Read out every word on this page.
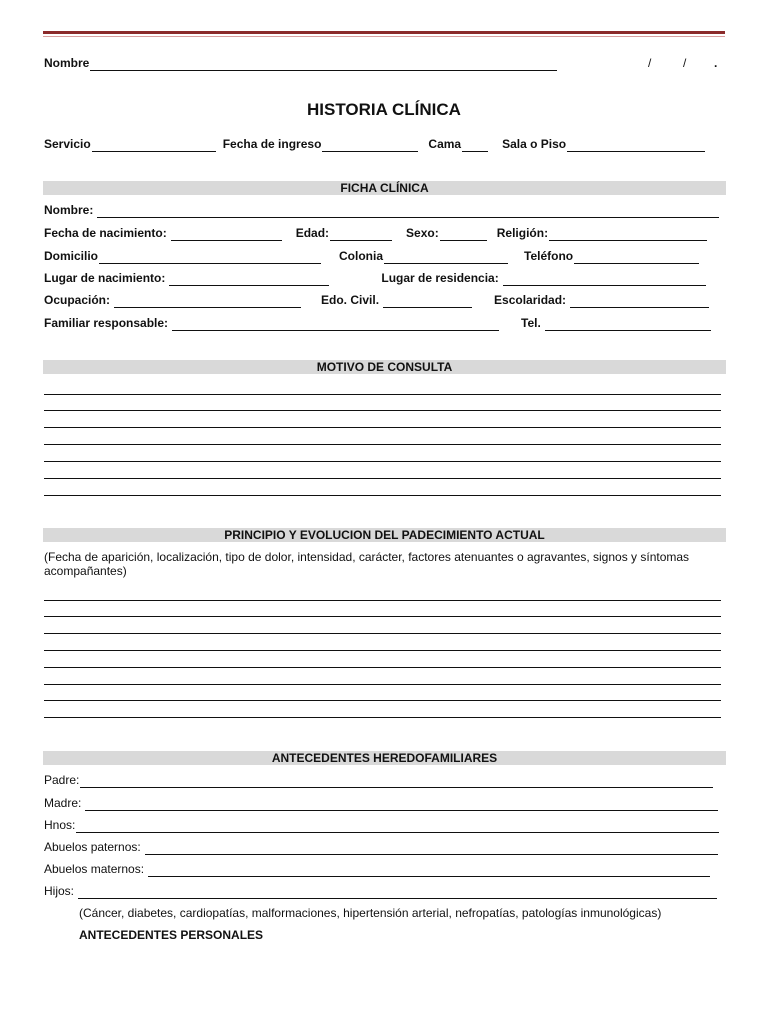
Nombre	/	/ .
HISTORIA CLÍNICA
Servicio	Fecha de ingreso	Cama	Sala o Piso
FICHA CLÍNICA
Nombre:
Fecha de nacimiento:	Edad:	Sexo:	Religión:
Domicilio	Colonia	Teléfono
Lugar de nacimiento:	Lugar de residencia:
Ocupación:	Edo. Civil.	Escolaridad:
Familiar responsable:	Tel.
MOTIVO DE CONSULTA
PRINCIPIO Y EVOLUCION DEL PADECIMIENTO ACTUAL
(Fecha de aparición, localización, tipo de dolor, intensidad, carácter, factores atenuantes o agravantes, signos y síntomas acompañantes)
ANTECEDENTES HEREDOFAMILIARES
Padre:
Madre:
Hnos:
Abuelos paternos:
Abuelos maternos:
Hijos:
(Cáncer, diabetes, cardiopatías, malformaciones, hipertensión arterial, nefropatías, patologías inmunológicas)
ANTECEDENTES PERSONALES
